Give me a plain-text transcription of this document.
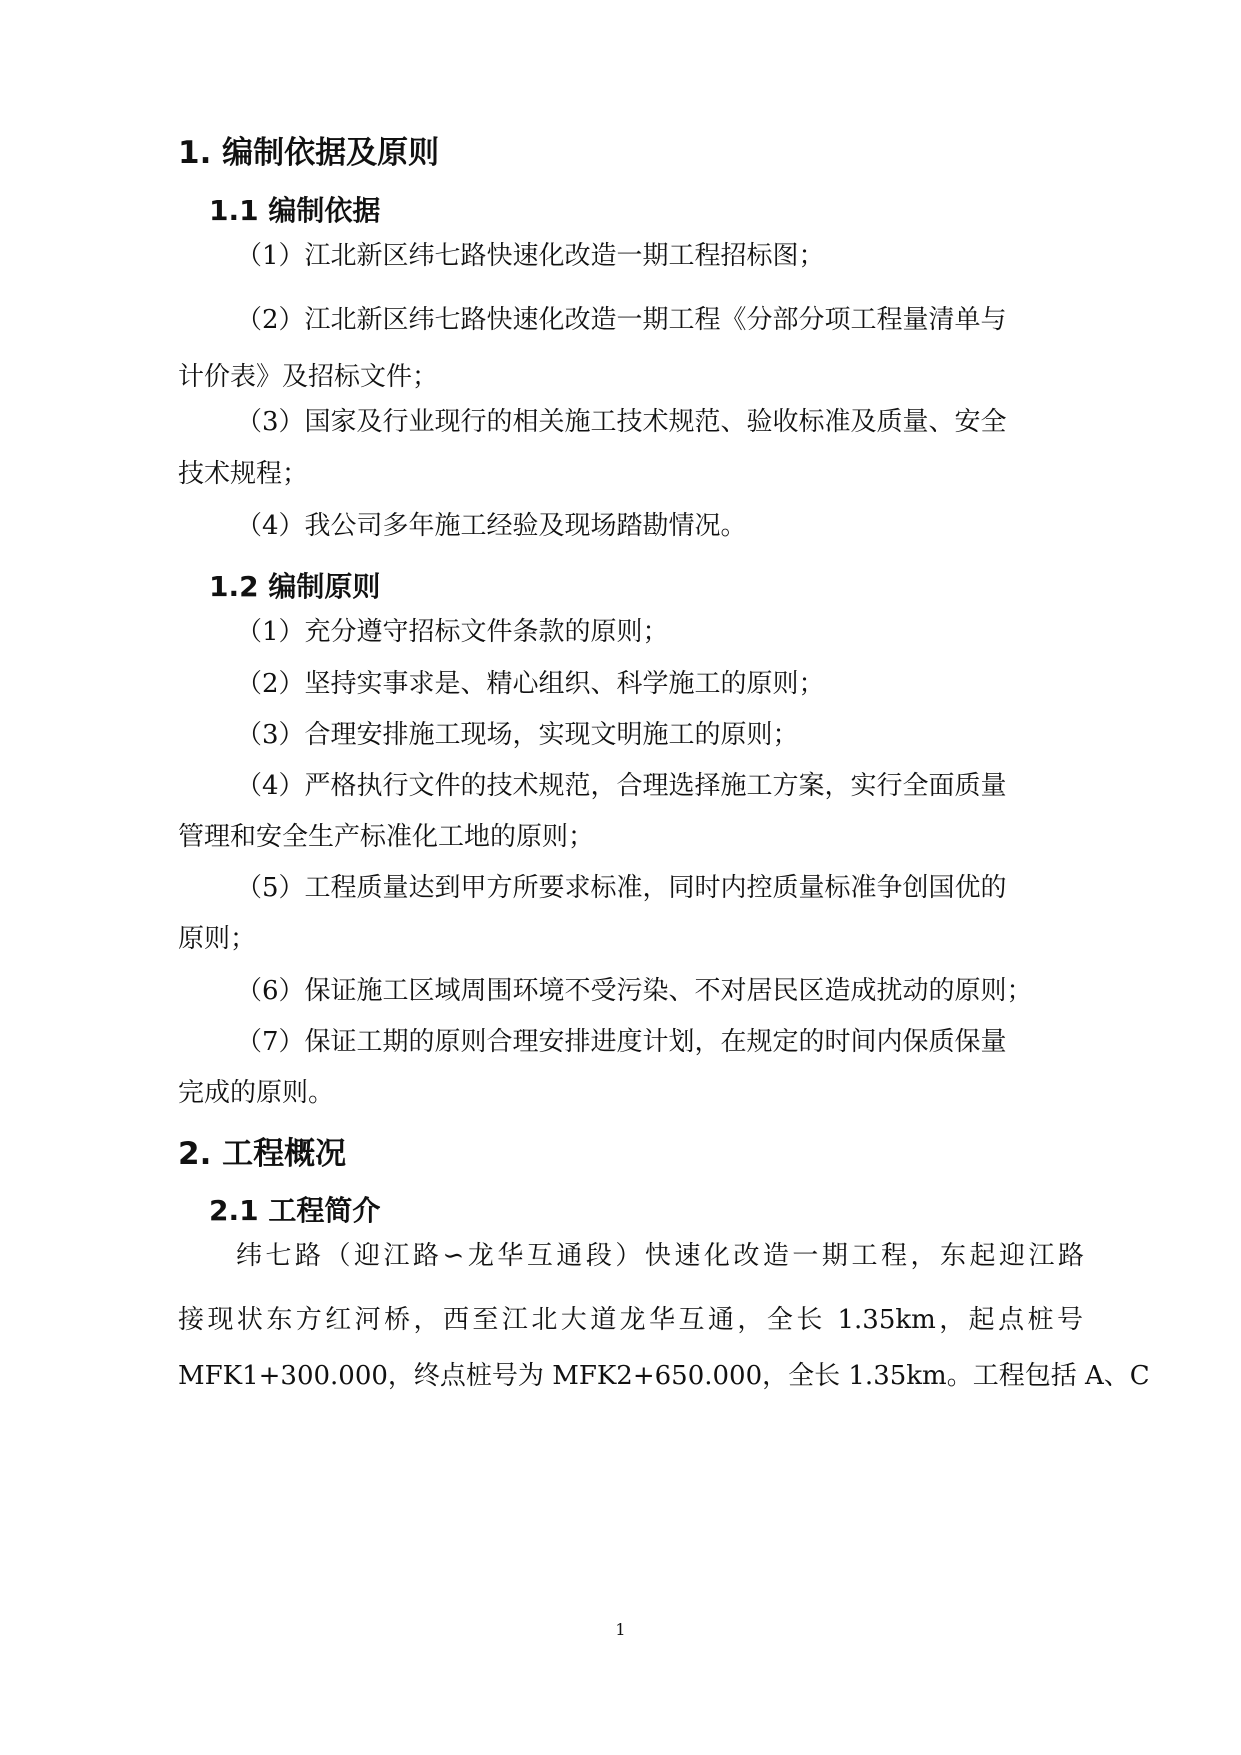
1. 编制依据及原则
1.1 编制依据
（1）江北新区纬七路快速化改造一期工程招标图；
（2）江北新区纬七路快速化改造一期工程《分部分项工程量清单与
计价表》及招标文件；
（3）国家及行业现行的相关施工技术规范、验收标准及质量、安全
技术规程；
（4）我公司多年施工经验及现场踏勘情况。
1.2 编制原则
（1）充分遵守招标文件条款的原则；
（2）坚持实事求是、精心组织、科学施工的原则；
（3）合理安排施工现场，实现文明施工的原则；
（4）严格执行文件的技术规范，合理选择施工方案，实行全面质量
管理和安全生产标准化工地的原则；
（5）工程质量达到甲方所要求标准，同时内控质量标准争创国优的
原则；
（6）保证施工区域周围环境不受污染、不对居民区造成扰动的原则；
（7）保证工期的原则合理安排进度计划，在规定的时间内保质保量
完成的原则。
2. 工程概况
2.1 工程简介
纬七路（迎江路∽龙华互通段）快速化改造一期工程，东起迎江路
接现状东方红河桥，西至江北大道龙华互通，全长 1.35km，起点桩号
MFK1+300.000，终点桩号为 MFK2+650.000，全长 1.35km。工程包括 A、C
1
